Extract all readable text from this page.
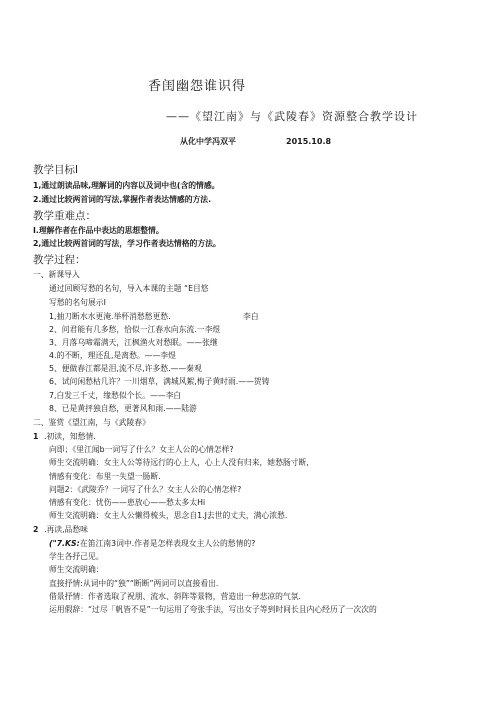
香闺幽怨谁识得
——《望江南》与《武陵春》资源整合教学设计
从化中学冯双平	2015.10.8
教学目标I
1,通过朗读品味,理解词的内容以及词中也(含的情感。
2.通过比较两首词的写法,掌握作者表达情感的方法.
教学重难点：
I.理解作者在作品中表达的思想整情。
2,通过比较两首词的写法，学习作者表达情格的方法。
教学过程：
一、新课导入
通过回顾写愁的名句，导入本课的主题 “E目悠
写愁的名句展示I
1,抽刀断水水更淹.举杯消愁愁更愁.	李白
2、问君能有几多愁，恰似一江春水向东流.一李煜
3、月落乌啼霜满天，江枫渔火对愁眠。——张继
4.的不断，理还乱,是离愁。——李煜
5、便做春江都是泪,流不尽,许多愁.——秦观
6、试问闲愁枯几许？一川烟草，满城风絮,梅子黄时雨.——贺铸
7,白发三千丈，缘愁似个长。——李白
8、已是黄抨独自愁，更著风和雨.——陆游
二、鉴赏《望江南，与《武陵春》
1 .初读，知愁情.
向即；《里江闻b一词写了什么？女主人公的心情怎样?
师生交流明确：女主人公等待远行的心上人，心上人没有归来，她愁肠寸断,
情感有变化：布里一失望一肠断.
问题2：《武陵乔？一词写了什么？女主人公的心情怎样?
情感有变化：忧伤——患放心——愁太多太Hi
师生交流明确：女主人公懒得梳头，思念自1.J去世的丈夫，满心浓愁.
2 .再读,品愁味
("7.KS: 在笛江南3词中.作者是怎样表现女主人公的愁情的?
学生各抒己见。
师生交流明确：
直接抒情:从词中的“独”“断断”两词可以直接看出.
借景抒情：作者选取了祝朋、流水、斜阵等景物，营造出一种悲凉的气氛.
运用假辞：“过尽「帆皆不是”一句运用了夸张手法，写出女子等到时间长且内心经历了一次次的
